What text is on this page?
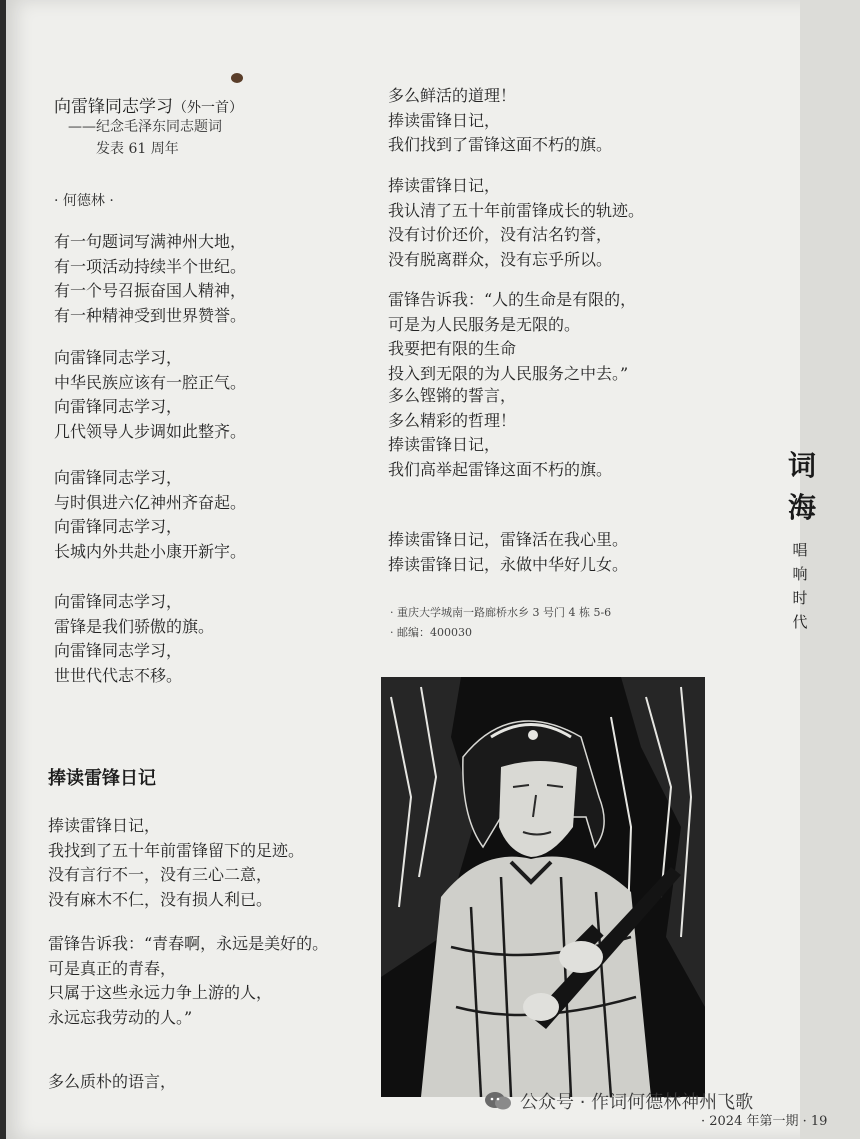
向雷锋同志学习（外一首）
——纪念毛泽东同志题词
发表 61 周年
· 何德林 ·
有一句题词写满神州大地，
有一项活动持续半个世纪。
有一个号召振奋国人精神，
有一种精神受到世界赞誉。
向雷锋同志学习，
中华民族应该有一腔正气。
向雷锋同志学习，
几代领导人步调如此整齐。
向雷锋同志学习，
与时俱进六亿神州齐奋起。
向雷锋同志学习，
长城内外共赴小康开新宇。
向雷锋同志学习，
雷锋是我们骄傲的旗。
向雷锋同志学习，
世世代代志不移。
捧读雷锋日记
捧读雷锋日记，
我找到了五十年前雷锋留下的足迹。
没有言行不一，没有三心二意，
没有麻木不仁，没有损人利已。
雷锋告诉我：“青春啊，永远是美好的。
可是真正的青春，
只属于这些永远力争上游的人，
永远忘我劳动的人。”
多么质朴的语言，
多么鲜活的道理！
捧读雷锋日记，
我们找到了雷锋这面不朽的旗。
捧读雷锋日记，
我认清了五十年前雷锋成长的轨迹。
没有讨价还价，没有沽名钓誉，
没有脱离群众，没有忘乎所以。
雷锋告诉我：“人的生命是有限的，
可是为人民服务是无限的。
我要把有限的生命
投入到无限的为人民服务之中去。”
多么铿锵的誓言，
多么精彩的哲理！
捧读雷锋日记，
我们高举起雷锋这面不朽的旗。
捧读雷锋日记，雷锋活在我心里。
捧读雷锋日记，永做中华好儿女。
· 重庆大学城南一路廊桥水乡 3 号门 4 栋 5-6
· 邮编：400030
词
海
唱
响
时
代
公众号 · 作词何德林神州飞歌
· 2024 年第一期 · 19
